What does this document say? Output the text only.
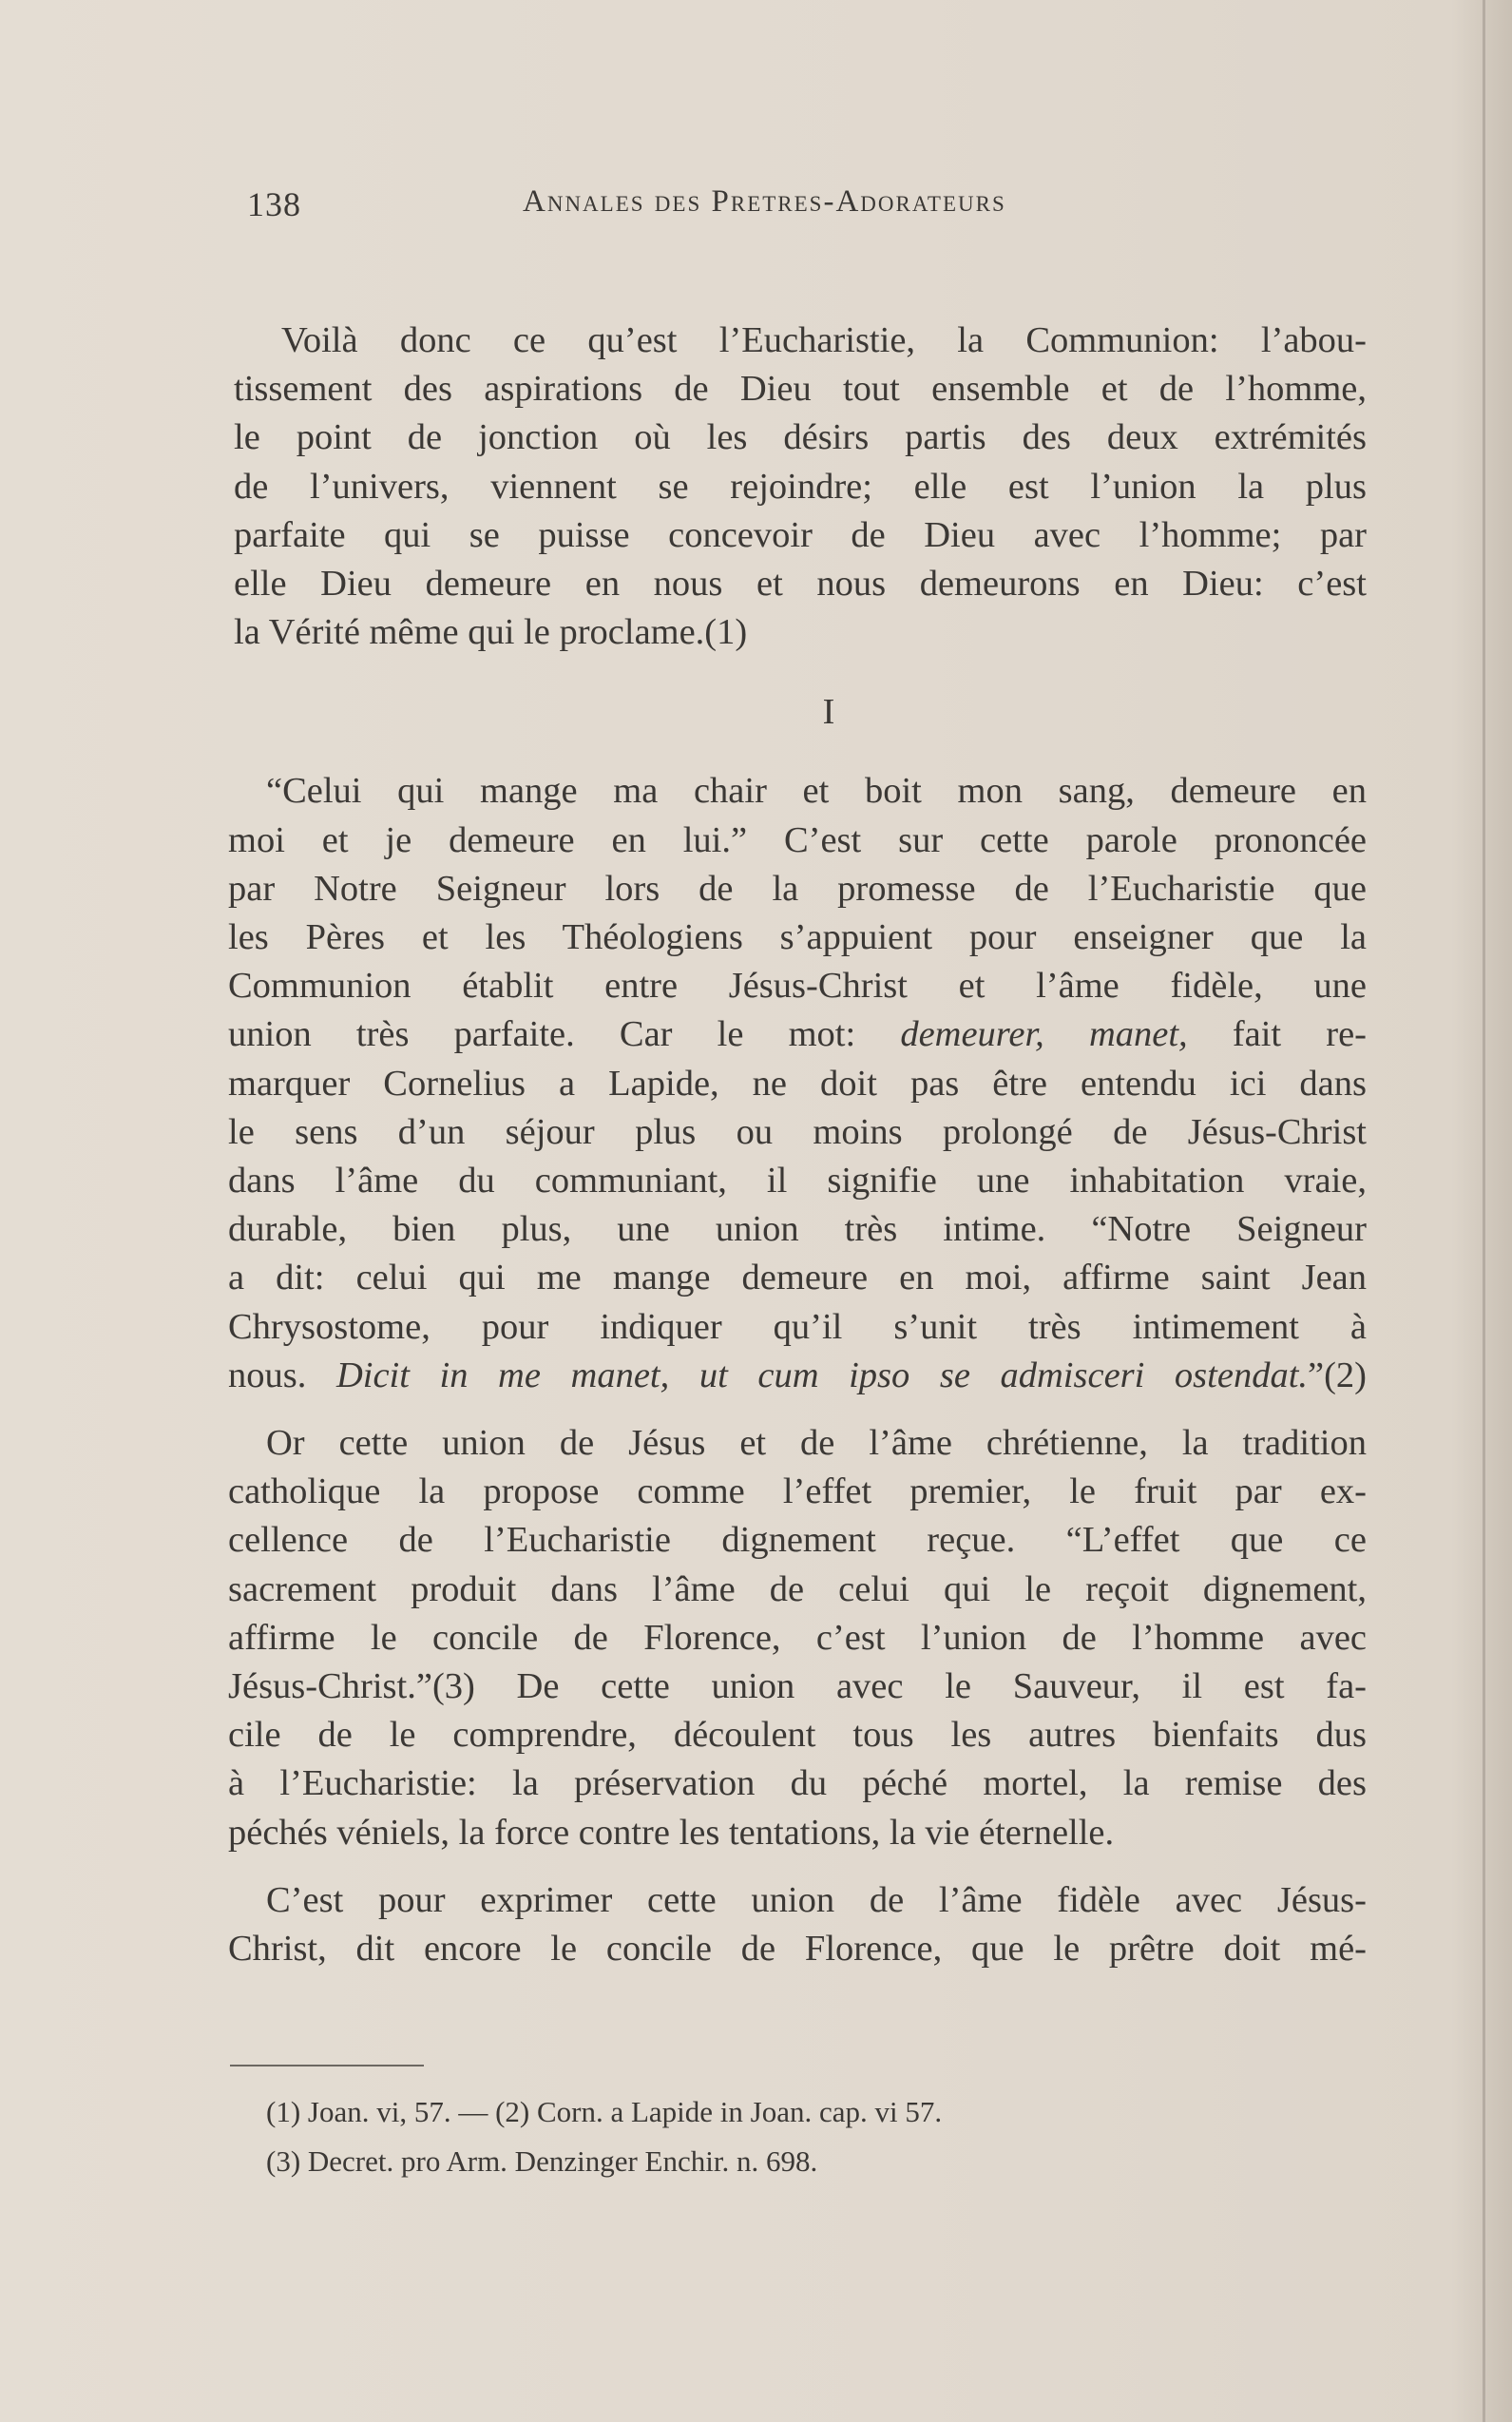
138	Annales des Pretres-Adorateurs

Voilà donc ce qu’est l’Eucharistie, la Communion: l’abou-
tissement des aspirations de Dieu tout ensemble et de l’homme,
le point de jonction où les désirs partis des deux extrémités
de l’univers, viennent se rejoindre; elle est l’union la plus
parfaite qui se puisse concevoir de Dieu avec l’homme; par
elle Dieu demeure en nous et nous demeurons en Dieu: c’est
la Vérité même qui le proclame.(1)

I

“Celui qui mange ma chair et boit mon sang, demeure en
moi et je demeure en lui.” C’est sur cette parole prononcée
par Notre Seigneur lors de la promesse de l’Eucharistie que
les Pères et les Théologiens s’appuient pour enseigner que la
Communion établit entre Jésus-Christ et l’âme fidèle, une
union très parfaite. Car le mot: demeurer, manet, fait re-
marquer Cornelius a Lapide, ne doit pas être entendu ici dans
le sens d’un séjour plus ou moins prolongé de Jésus-Christ
dans l’âme du communiant, il signifie une inhabitation vraie,
durable, bien plus, une union très intime. “Notre Seigneur
a dit: celui qui me mange demeure en moi, affirme saint Jean
Chrysostome, pour indiquer qu’il s’unit très intimement à
nous. Dicit in me manet, ut cum ipso se admisceri ostendat.”(2)

Or cette union de Jésus et de l’âme chrétienne, la tradition
catholique la propose comme l’effet premier, le fruit par ex-
cellence de l’Eucharistie dignement reçue. “L’effet que ce
sacrement produit dans l’âme de celui qui le reçoit dignement,
affirme le concile de Florence, c’est l’union de l’homme avec
Jésus-Christ.”(3) De cette union avec le Sauveur, il est fa-
cile de le comprendre, découlent tous les autres bienfaits dus
à l’Eucharistie: la préservation du péché mortel, la remise des
péchés véniels, la force contre les tentations, la vie éternelle.

C’est pour exprimer cette union de l’âme fidèle avec Jésus-
Christ, dit encore le concile de Florence, que le prêtre doit mé-

(1) Joan. vi, 57. — (2) Corn. a Lapide in Joan. cap. vi 57.
(3) Decret. pro Arm. Denzinger Enchir. n. 698.
